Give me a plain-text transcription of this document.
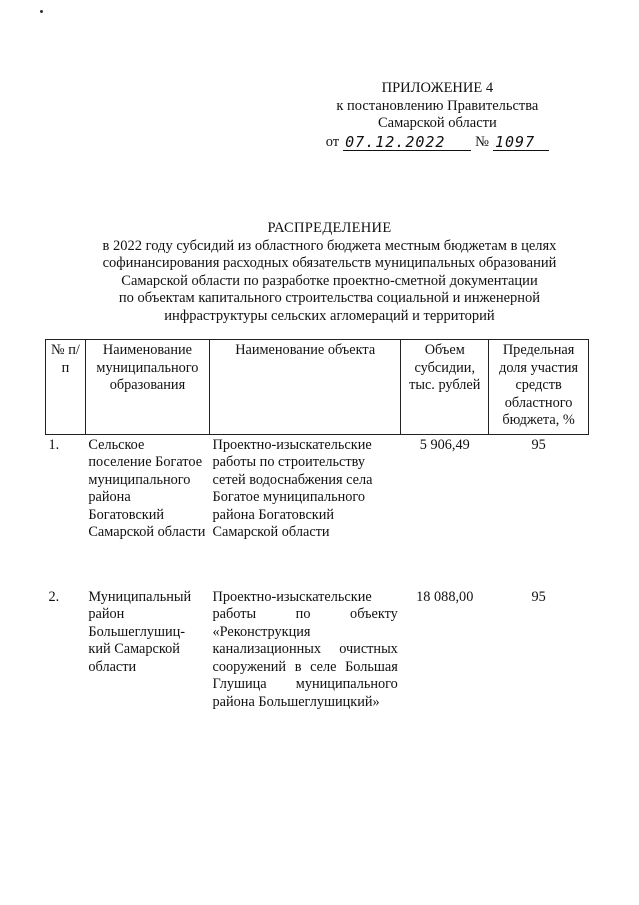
ПРИЛОЖЕНИЕ 4
к постановлению Правительства
Самарской области
от 07.12.2022	№ 1097
РАСПРЕДЕЛЕНИЕ
в 2022 году субсидий из областного бюджета местным бюджетам в целях
софинансирования расходных обязательств муниципальных образований
Самарской области по разработке проектно-сметной документации
по объектам капитального строительства социальной и инженерной
инфраструктуры сельских агломераций и территорий
№ п/п	Наименование муниципального образования	Наименование объекта	Объем субсидии, тыс. рублей	Предельная доля участия средств областного бюджета, %
1.	Сельское поселение Богатое муниципального района Богатовский Самарской области	Проектно-изыскательские работы по строительству сетей водоснабжения села Богатое муниципального района Богатовский Самарской области	5 906,49	95
2.	Муниципальный район Большеглушиц-кий Самарской области	Проектно-изыскательские работы по объекту «Реконструкция канализационных очистных сооружений в селе Большая Глушица муниципального района Большеглушицкий»	18 088,00	95
